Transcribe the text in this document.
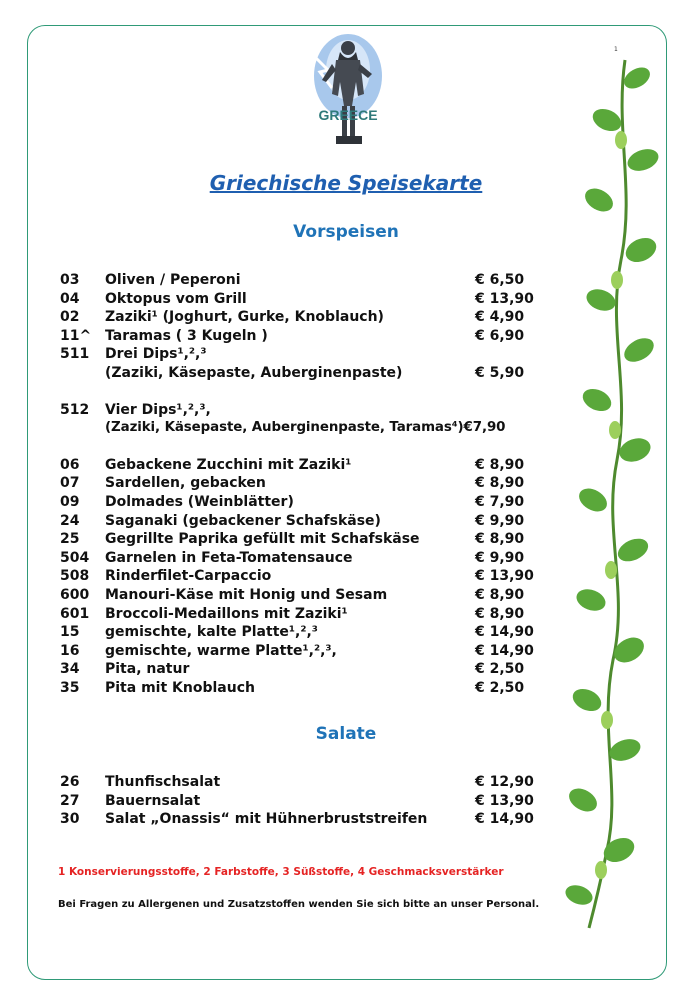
1
GREECE
Griechische Speisekarte
Vorspeisen
03 Oliven / Peperoni	€ 6,50
04 Oktopus vom Grill	€ 13,90
02 Zaziki¹ (Joghurt, Gurke, Knoblauch)	€ 4,90
11^ Taramas ( 3 Kugeln )	€ 6,90
511 Drei Dips¹,²,³
(Zaziki, Käsepaste, Auberginenpaste)	€ 5,90
512 Vier Dips¹,²,³,
(Zaziki, Käsepaste, Auberginenpaste, Taramas⁴)€7,90
06 Gebackene Zucchini mit Zaziki¹	€ 8,90
07 Sardellen, gebacken	€ 8,90
09 Dolmades (Weinblätter)	€ 7,90
24 Saganaki (gebackener Schafskäse)	€ 9,90
25 Gegrillte Paprika gefüllt mit Schafskäse	€ 8,90
504 Garnelen in Feta-Tomatensauce	€ 9,90
508 Rinderfilet-Carpaccio	€ 13,90
600 Manouri-Käse mit Honig und Sesam	€ 8,90
601 Broccoli-Medaillons mit Zaziki¹	€ 8,90
15 gemischte, kalte Platte¹,²,³	€ 14,90
16 gemischte, warme Platte¹,²,³,	€ 14,90
34 Pita, natur	€ 2,50
35 Pita mit Knoblauch	€ 2,50
Salate
26 Thunfischsalat	€ 12,90
27 Bauernsalat	€ 13,90
30 Salat „Onassis“ mit Hühnerbruststreifen	€ 14,90
1 Konservierungsstoffe, 2 Farbstoffe, 3 Süßstoffe, 4 Geschmacksverstärker
Bei Fragen zu Allergenen und Zusatzstoffen wenden Sie sich bitte an unser Personal.
